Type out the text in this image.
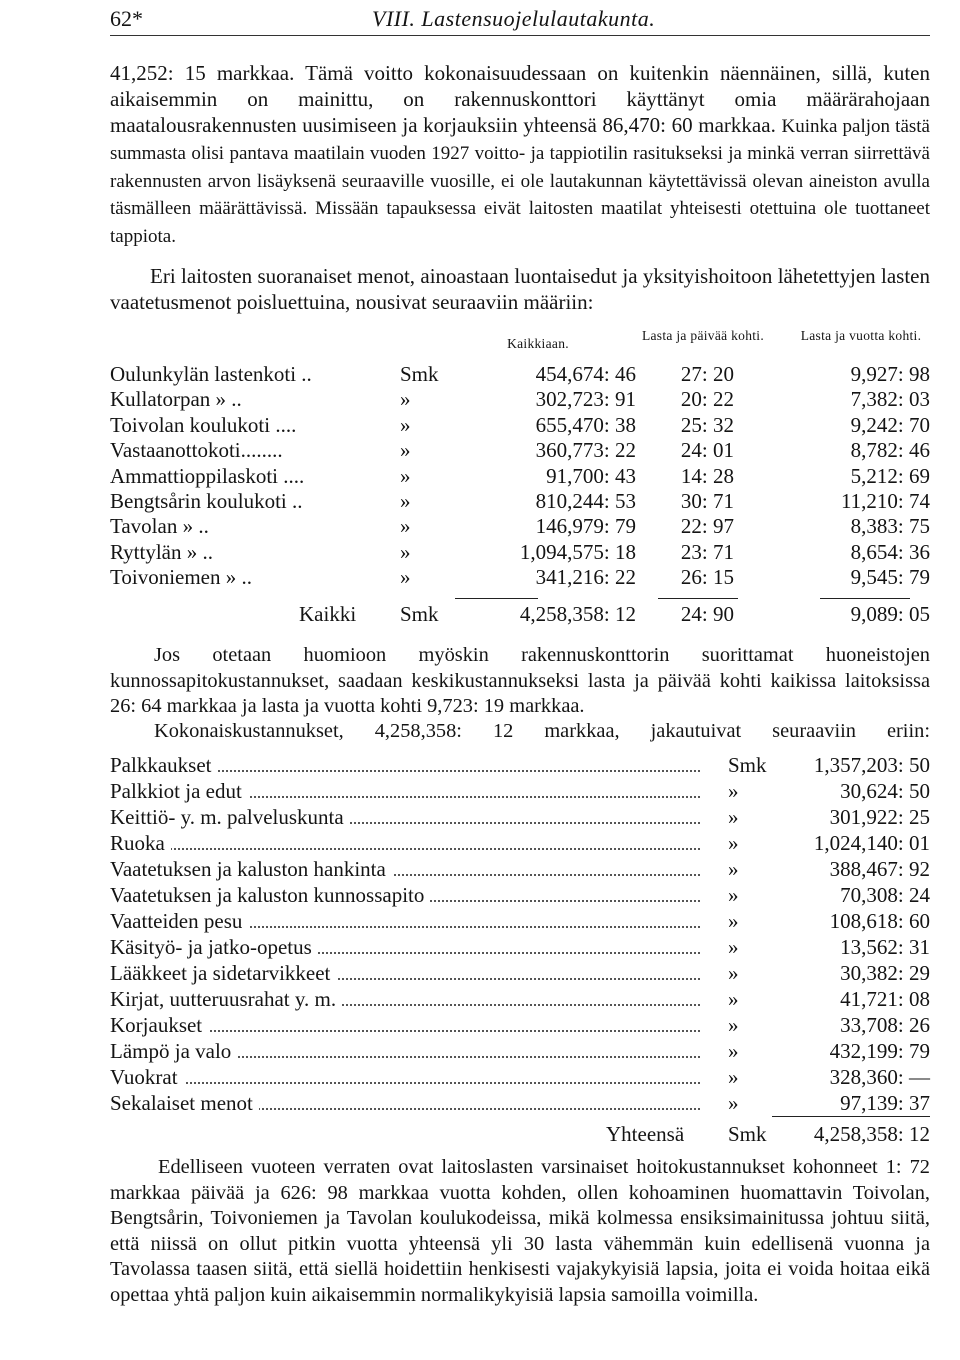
62*	VIII. Lastensuojelulautakunta.
41,252: 15 markkaa. Tämä voitto kokonaisuudessaan on kuitenkin näennäinen, sillä, kuten aikaisemmin on mainittu, on rakennuskonttori käyttänyt omia määrärahojaan maatalousrakennusten uusimiseen ja korjauksiin yhteensä 86,470: 60 markkaa. Kuinka paljon tästä summasta olisi pantava maatilain vuoden 1927 voitto- ja tappiotilin rasitukseksi ja minkä verran siirrettävä rakennusten arvon lisäyksenä seuraaville vuosille, ei ole lautakunnan käytettävissä olevan aineiston avulla täsmälleen määrättävissä. Missään tapauksessa eivät laitosten maatilat yhteisesti otettuina ole tuottaneet tappiota.
Eri laitosten suoranaiset menot, ainoastaan luontaisedut ja yksityishoitoon lähetettyjen lasten vaatetusmenot poisluettuina, nousivat seuraaviin määriin:
Kaikkiaan.
Lasta ja päivää kohti.	Lasta ja vuotta kohti.
Oulunkylän lastenkoti ..	Smk	454,674: 46 27: 20	9,927: 98
Kullatorpan » ..	»	302,723: 91 20: 22	7,382: 03
Toivolan koulukoti ....	»	655,470: 38 25: 32	9,242: 70
Vastaanottokoti........	»	360,773: 22 24: 01	8,782: 46
Ammattioppilaskoti ....	»	91,700: 43 14: 28	5,212: 69
Bengtsårin koulukoti ..	»	810,244: 53 30: 71	11,210: 74
Tavolan » ..	»	146,979: 79 22: 97	8,383: 75
Ryttylän » ..	»	1,094,575: 18 23: 71	8,654: 36
Toivoniemen » ..	»	341,216: 22 26: 15	9,545: 79
Kaikki Smk	4,258,358: 12 24: 90	9,089: 05
Jos otetaan huomioon myöskin rakennuskonttorin suorittamat huoneistojen kunnossapitokustannukset, saadaan keskikustannukseksi lasta ja päivää kohti kaikissa laitoksissa 26: 64 markkaa ja lasta ja vuotta kohti 9,723: 19 markkaa.
Kokonaiskustannukset, 4,258,358: 12 markkaa, jakautuivat seuraaviin eriin:
Palkkaukset	Smk 1,357,203: 50
Palkkiot ja edut	»	30,624: 50
Keittiö- y. m. palveluskunta	»	301,922: 25
Ruoka	»	1,024,140: 01
Vaatetuksen ja kaluston hankinta	»	388,467: 92
Vaatetuksen ja kaluston kunnossapito	»	70,308: 24
Vaatteiden pesu	»	108,618: 60
Käsityö- ja jatko-opetus	»	13,562: 31
Lääkkeet ja sidetarvikkeet	»	30,382: 29
Kirjat, uutteruusrahat y. m.	»	41,721: 08
Korjaukset	»	33,708: 26
Lämpö ja valo	»	432,199: 79
Vuokrat	»	328,360: —
Sekalaiset menot	»	97,139: 37
Yhteensä Smk 4,258,358: 12
Edelliseen vuoteen verraten ovat laitoslasten varsinaiset hoitokustannukset kohonneet 1: 72 markkaa päivää ja 626: 98 markkaa vuotta kohden, ollen kohoaminen huomattavin Toivolan, Bengtsårin, Toivoniemen ja Tavolan koulukodeissa, mikä kolmessa ensiksimainitussa johtuu siitä, että niissä on ollut pitkin vuotta yhteensä yli 30 lasta vähemmän kuin edellisenä vuonna ja Tavolassa taasen siitä, että siellä hoidettiin henkisesti vajakykyisiä lapsia, joita ei voida hoitaa eikä opettaa yhtä paljon kuin aikaisemmin normalikykyisiä lapsia samoilla voimilla.
